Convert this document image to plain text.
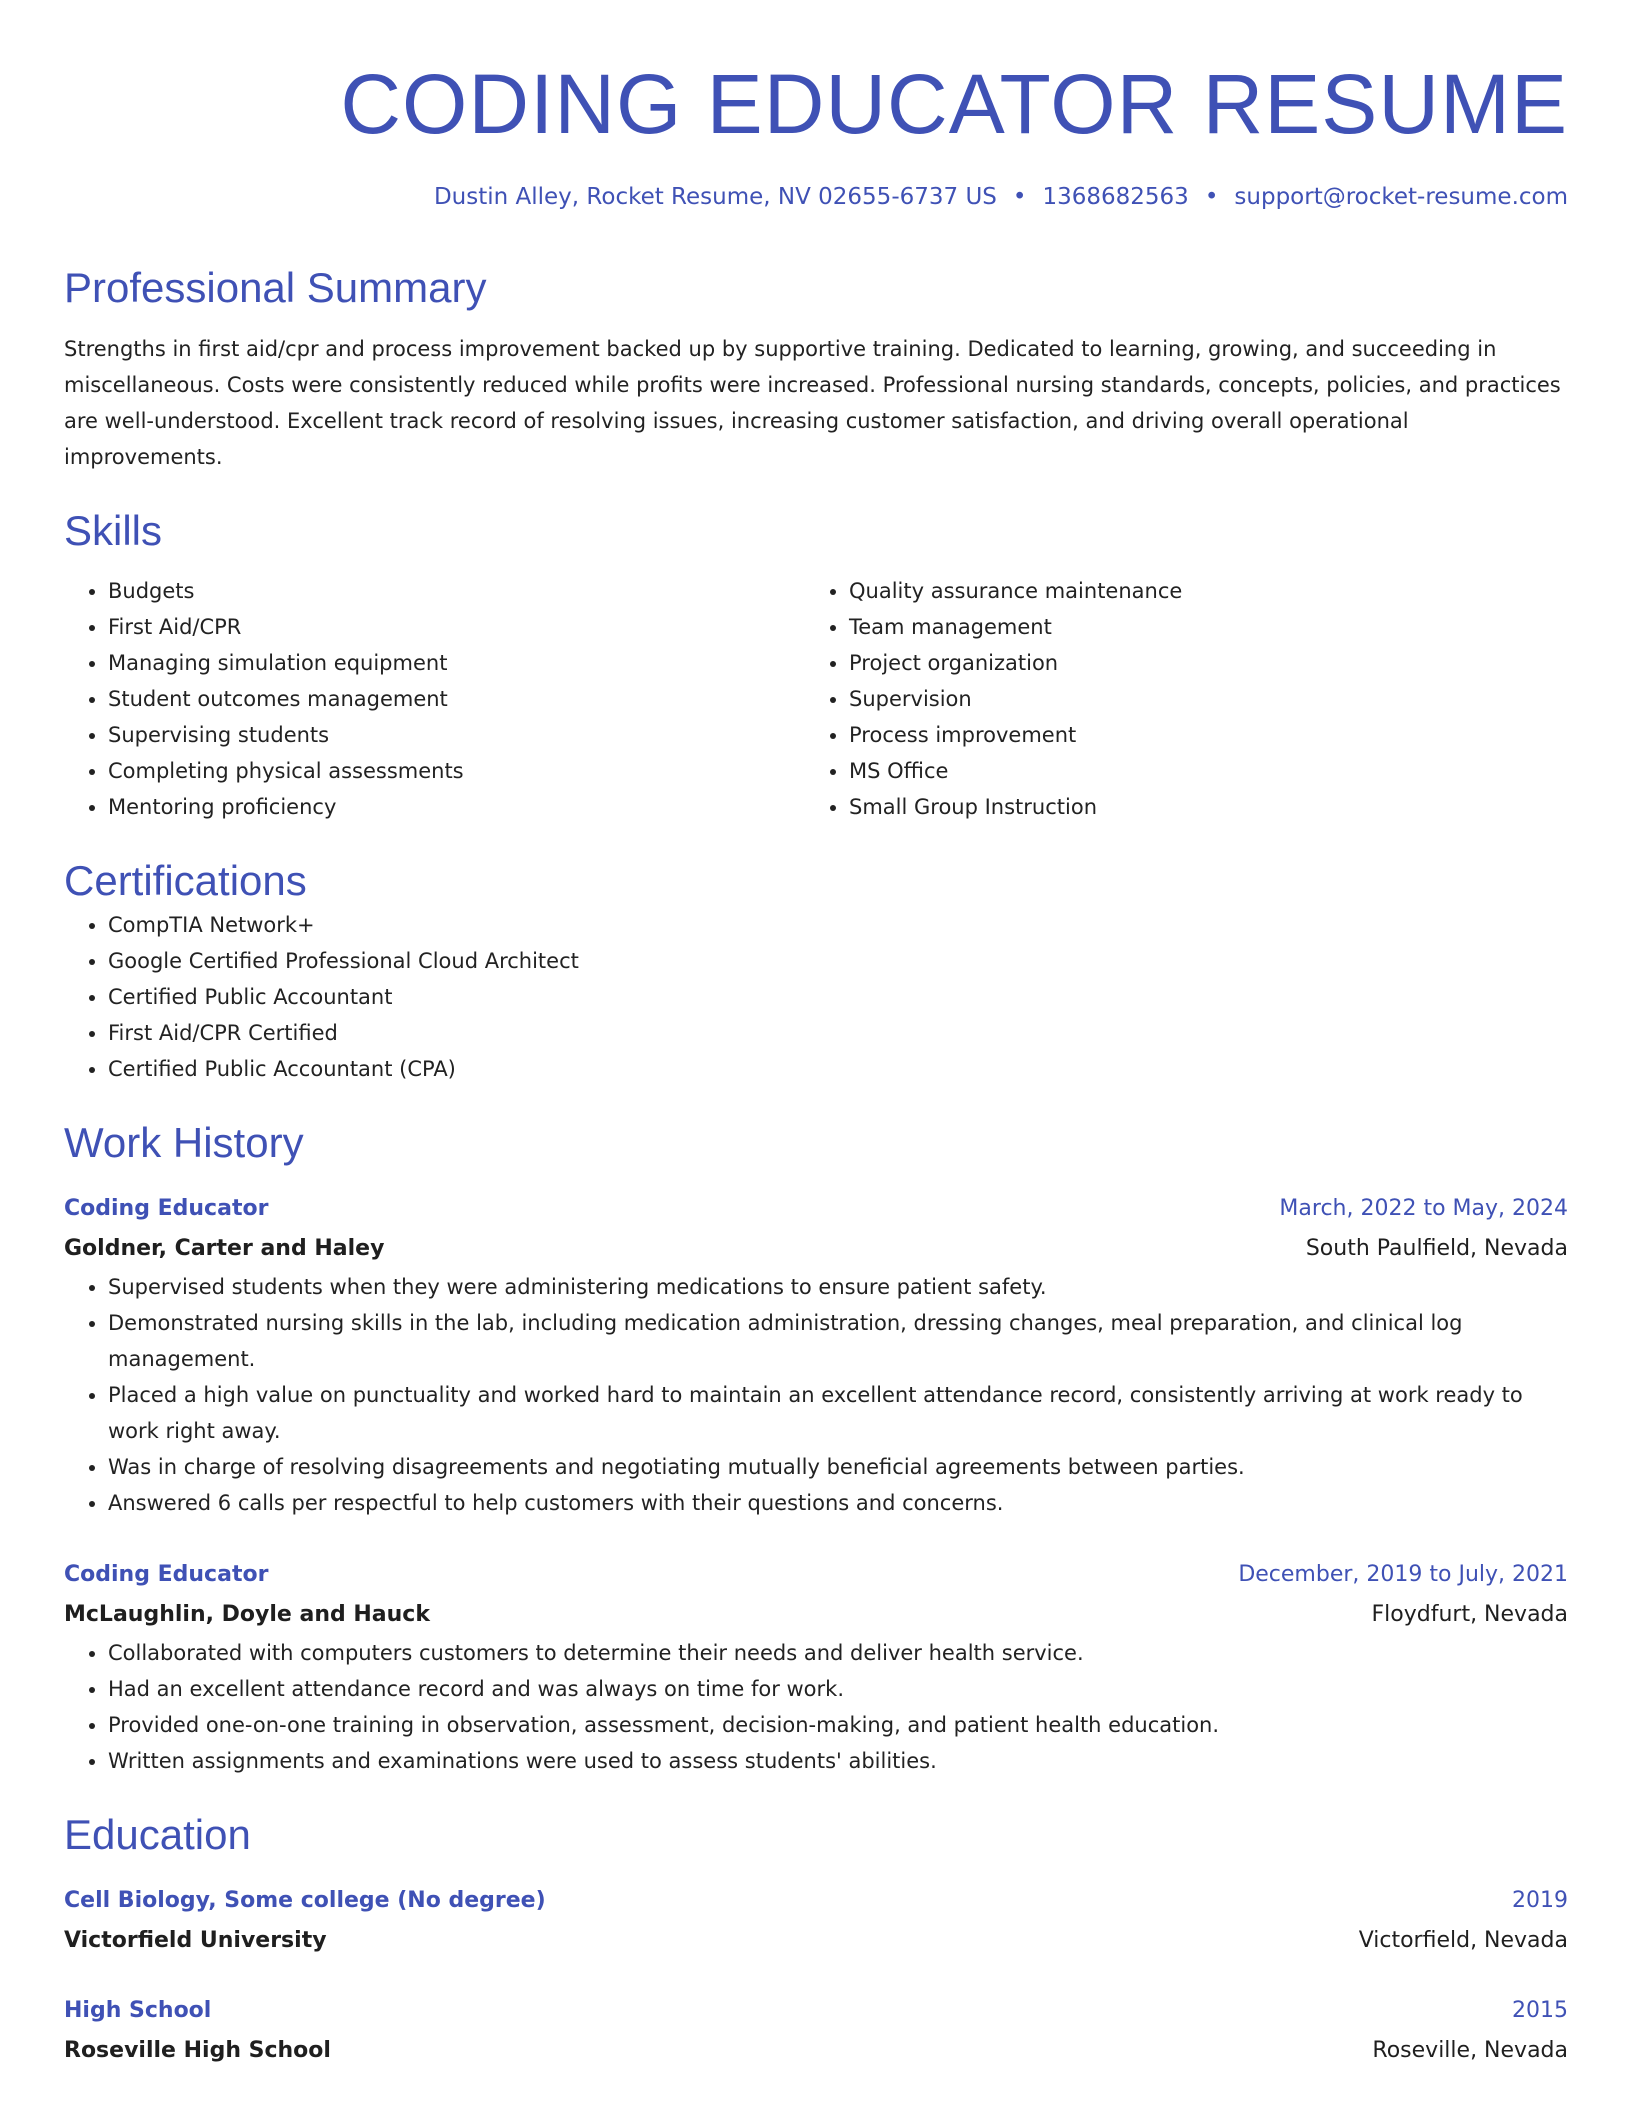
CODING EDUCATOR RESUME
Dustin Alley, Rocket Resume, NV 02655-6737 US • 1368682563 • support@rocket-resume.com
Professional Summary

Strengths in first aid/cpr and process improvement backed up by supportive training. Dedicated to learning, growing, and succeeding in miscellaneous. Costs were consistently reduced while profits were increased. Professional nursing standards, concepts, policies, and practices are well-understood. Excellent track record of resolving issues, increasing customer satisfaction, and driving overall operational improvements.

Skills
• Budgets
• First Aid/CPR
• Managing simulation equipment
• Student outcomes management
• Supervising students
• Completing physical assessments
• Mentoring proficiency
• Quality assurance maintenance
• Team management
• Project organization
• Supervision
• Process improvement
• MS Office
• Small Group Instruction
Certifications
• CompTIA Network+
• Google Certified Professional Cloud Architect
• Certified Public Accountant
• First Aid/CPR Certified
• Certified Public Accountant (CPA)
Work History
Coding Educator	March, 2022 to May, 2024
Goldner, Carter and Haley	South Paulfield, Nevada
• Supervised students when they were administering medications to ensure patient safety.
• Demonstrated nursing skills in the lab, including medication administration, dressing changes, meal preparation, and clinical log management.
• Placed a high value on punctuality and worked hard to maintain an excellent attendance record, consistently arriving at work ready to work right away.
• Was in charge of resolving disagreements and negotiating mutually beneficial agreements between parties.
• Answered 6 calls per respectful to help customers with their questions and concerns.
Coding Educator	December, 2019 to July, 2021
McLaughlin, Doyle and Hauck	Floydfurt, Nevada
• Collaborated with computers customers to determine their needs and deliver health service.
• Had an excellent attendance record and was always on time for work.
• Provided one-on-one training in observation, assessment, decision-making, and patient health education.
• Written assignments and examinations were used to assess students' abilities.
Education
Cell Biology, Some college (No degree)	2019
Victorfield University	Victorfield, Nevada
High School	2015
Roseville High School	Roseville, Nevada
